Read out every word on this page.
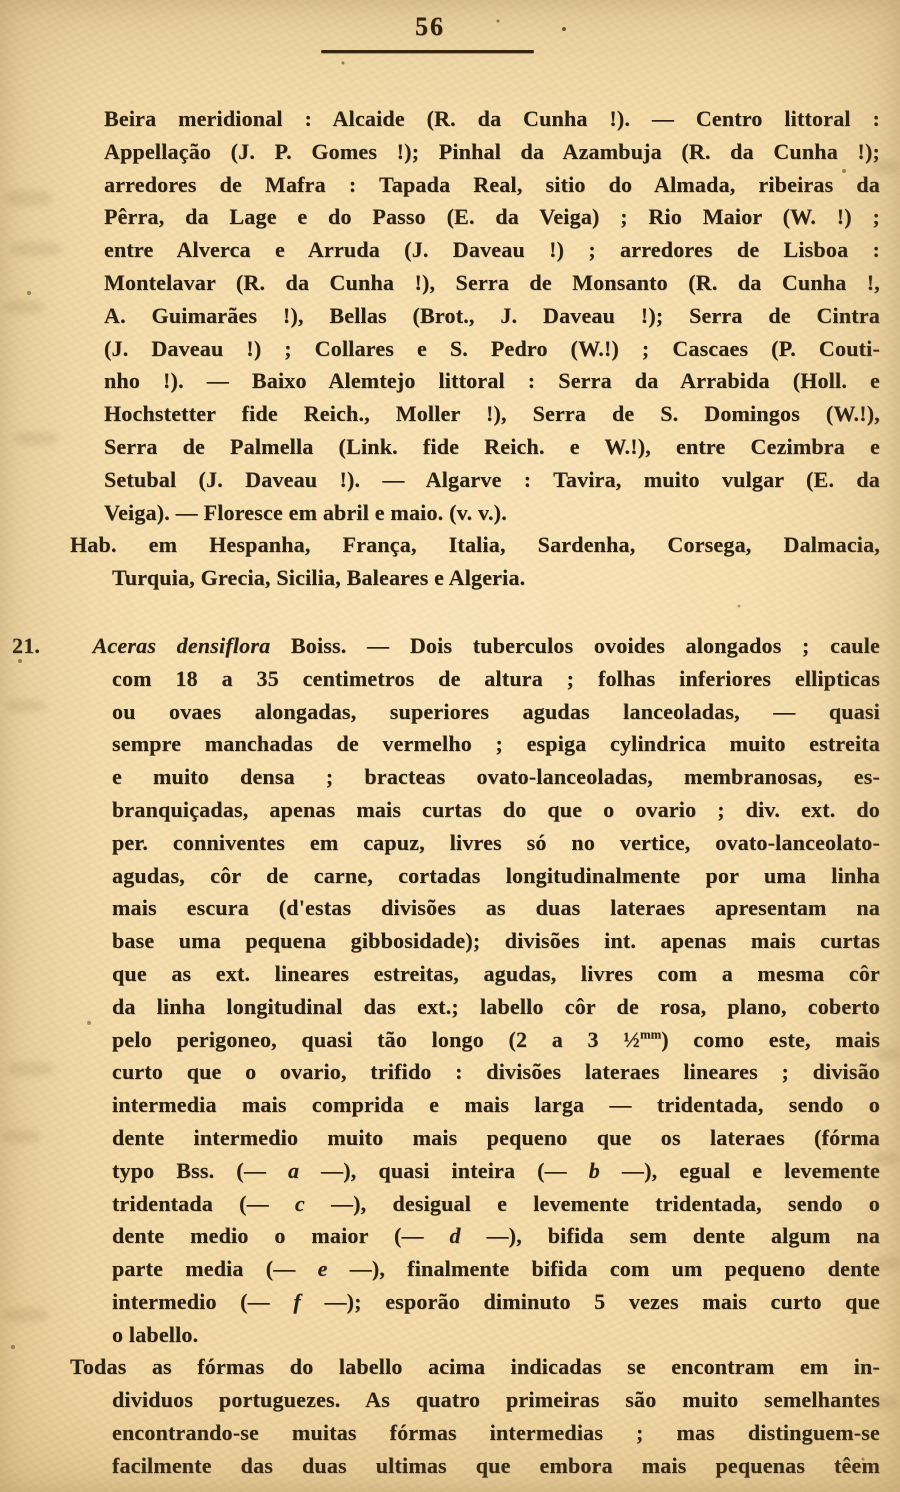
56
Beira meridional : Alcaide (R. da Cunha !). — Centro littoral :
Appellação (J. P. Gomes !); Pinhal da Azambuja (R. da Cunha !);
arredores de Mafra : Tapada Real, sitio do Almada, ribeiras da
Pêrra, da Lage e do Passo (E. da Veiga) ; Rio Maior (W. !) ;
entre Alverca e Arruda (J. Daveau !) ; arredores de Lisboa :
Montelavar (R. da Cunha !), Serra de Monsanto (R. da Cunha !,
A. Guimarães !), Bellas (Brot., J. Daveau !); Serra de Cintra
(J. Daveau !) ; Collares e S. Pedro (W.!) ; Cascaes (P. Couti-
nho !). — Baixo Alemtejo littoral : Serra da Arrabida (Holl. e
Hochstetter fide Reich., Moller !), Serra de S. Domingos (W.!),
Serra de Palmella (Link. fide Reich. e W.!), entre Cezimbra e
Setubal (J. Daveau !). — Algarve : Tavira, muito vulgar (E. da
Veiga). — Floresce em abril e maio. (v. v.).
Hab. em Hespanha, França, Italia, Sardenha, Corsega, Dalmacia,
Turquia, Grecia, Sicilia, Baleares e Algeria.
21. Aceras densiflora Boiss. — Dois tuberculos ovoides alongados ; caule
com 18 a 35 centimetros de altura ; folhas inferiores ellipticas
ou ovaes alongadas, superiores agudas lanceoladas, — quasi
sempre manchadas de vermelho ; espiga cylindrica muito estreita
e muito densa ; bracteas ovato-lanceoladas, membranosas, es-
branquiçadas, apenas mais curtas do que o ovario ; div. ext. do
per. conniventes em capuz, livres só no vertice, ovato-lanceolato-
agudas, côr de carne, cortadas longitudinalmente por uma linha
mais escura (d'estas divisões as duas lateraes apresentam na
base uma pequena gibbosidade); divisões int. apenas mais curtas
que as ext. lineares estreitas, agudas, livres com a mesma côr
da linha longitudinal das ext.; labello côr de rosa, plano, coberto
pelo perigoneo, quasi tão longo (2 a 3 ½$^{mm}$) como este, mais
curto que o ovario, trifido : divisões lateraes lineares ; divisão
intermedia mais comprida e mais larga — tridentada, sendo o
dente intermedio muito mais pequeno que os lateraes (fórma
typo Bss. (— a —), quasi inteira (— b —), egual e levemente
tridentada (— c —), desigual e levemente tridentada, sendo o
dente medio o maior (— d —), bifida sem dente algum na
parte media (— e —), finalmente bifida com um pequeno dente
intermedio (— f —); esporão diminuto 5 vezes mais curto que
o labello.
Todas as fórmas do labello acima indicadas se encontram em in-
dividuos portuguezes. As quatro primeiras são muito semelhantes
encontrando-se muitas fórmas intermedias ; mas distinguem-se
facilmente das duas ultimas que embora mais pequenas têem
